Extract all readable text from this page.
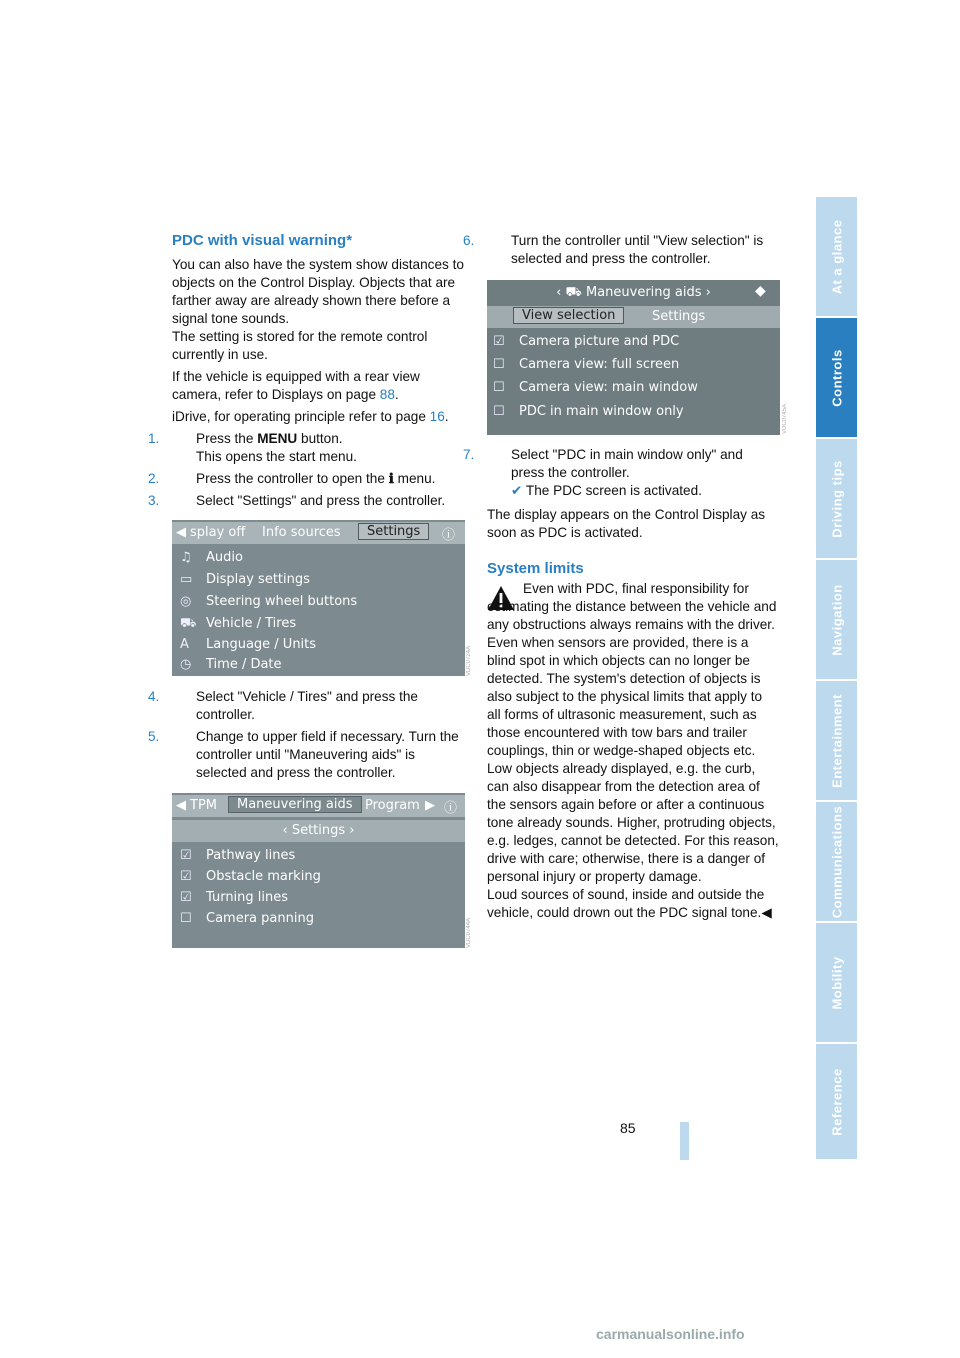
PDC with visual warning*

You can also have the system show distances to objects on the Control Display. Objects that are farther away are already shown there before a signal tone sounds.
The setting is stored for the remote control currently in use.

If the vehicle is equipped with a rear view camera, refer to Displays on page 88.

iDrive, for operating principle refer to page 16.

1.	Press the MENU button.
This opens the start menu.

2.	Press the controller to open the ℹ menu.

3.	Select "Settings" and press the controller.

◀ splay off Info sources	Settings	ⓘ
♫ Audio
▭ Display settings
◎ Steering wheel buttons
⛟ Vehicle / Tires
A Language / Units
◷ Time / Date	VDC0724A

4.	Select "Vehicle / Tires" and press the controller.

5.	Change to upper field if necessary. Turn the controller until "Maneuvering aids" is selected and press the controller.

◀ TPM	Maneuvering aids Program ▶ ⓘ
‹ Settings ›
☑ Pathway lines
☑ Obstacle marking
☑ Turning lines
☐ Camera panning	VDC0744A

6.	Turn the controller until "View selection" is selected and press the controller.

‹ ⛟ Maneuvering aids ›	◆
View selection	Settings
☑ Camera picture and PDC
☐ Camera view: full screen
☐ Camera view: main window
☐ PDC in main window only	VDC0745A

7.	Select "PDC in main window only" and press the controller.
✔ The PDC screen is activated.

The display appears on the Control Display as soon as PDC is activated.

System limits

Even with PDC, final responsibility for estimating the distance between the vehicle and any obstructions always remains with the driver. Even when sensors are provided, there is a blind spot in which objects can no longer be detected. The system's detection of objects is also subject to the physical limits that apply to all forms of ultrasonic measurement, such as those encountered with tow bars and trailer couplings, thin or wedge-shaped objects etc. Low objects already displayed, e.g. the curb, can also disappear from the detection area of the sensors again before or after a continuous tone already sounds. Higher, protruding objects, e.g. ledges, cannot be detected. For this reason, drive with care; otherwise, there is a danger of personal injury or property damage.

Loud sources of sound, inside and outside the vehicle, could drown out the PDC signal tone.◀

At a glance
Controls
Driving tips
Navigation
Entertainment
Communications
Mobility
Reference
85
carmanualsonline.info
